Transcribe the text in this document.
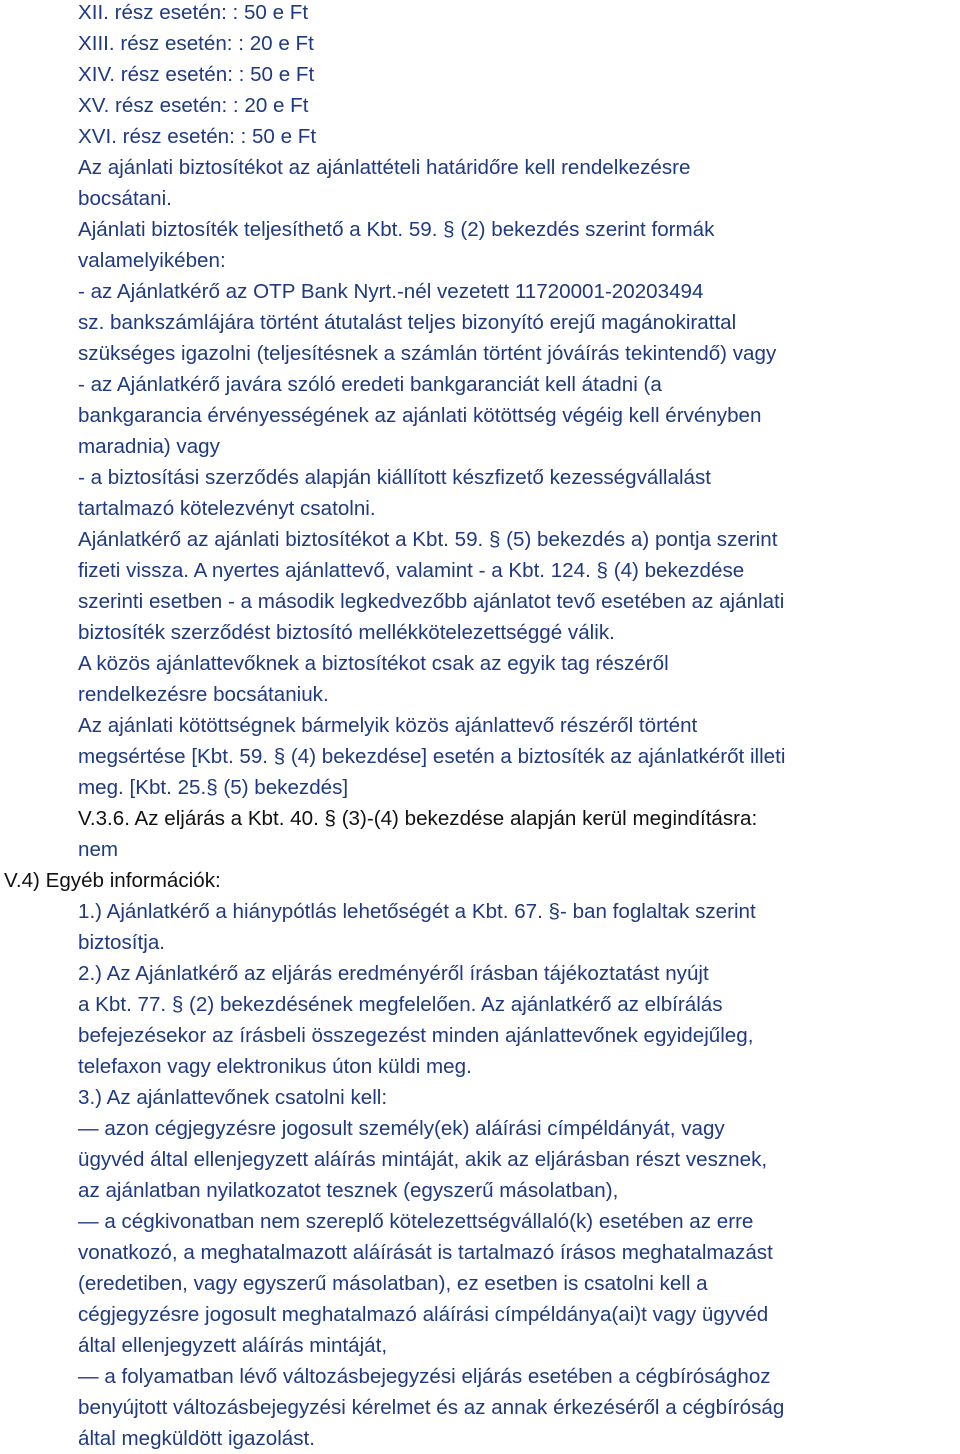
XII. rész esetén: : 50 e Ft
XIII. rész esetén: : 20 e Ft
XIV. rész esetén: : 50 e Ft
XV. rész esetén: : 20 e Ft
XVI. rész esetén: : 50 e Ft
Az ajánlati biztosítékot az ajánlattételi határidőre kell rendelkezésre
bocsátani.
Ajánlati biztosíték teljesíthető a Kbt. 59. § (2) bekezdés szerint formák
valamelyikében:
- az Ajánlatkérő az OTP Bank Nyrt.-nél vezetett 11720001-20203494
sz. bankszámlájára történt átutalást teljes bizonyító erejű magánokirattal
szükséges igazolni (teljesítésnek a számlán történt jóváírás tekintendő) vagy
- az Ajánlatkérő javára szóló eredeti bankgaranciát kell átadni (a
bankgarancia érvényességének az ajánlati kötöttség végéig kell érvényben
maradnia) vagy
- a biztosítási szerződés alapján kiállított készfizető kezességvállalást
tartalmazó kötelezvényt csatolni.
Ajánlatkérő az ajánlati biztosítékot a Kbt. 59. § (5) bekezdés a) pontja szerint
fizeti vissza. A nyertes ajánlattevő, valamint - a Kbt. 124. § (4) bekezdése
szerinti esetben - a második legkedvezőbb ajánlatot tevő esetében az ajánlati
biztosíték szerződést biztosító mellékkötelezettséggé válik.
A közös ajánlattevőknek a biztosítékot csak az egyik tag részéről
rendelkezésre bocsátaniuk.
Az ajánlati kötöttségnek bármelyik közös ajánlattevő részéről történt
megsértése [Kbt. 59. § (4) bekezdése] esetén a biztosíték az ajánlatkérőt illeti
meg. [Kbt. 25.§ (5) bekezdés]
V.3.6. Az eljárás a Kbt. 40. § (3)-(4) bekezdése alapján kerül megindításra:
nem
V.4) Egyéb információk:
1.) Ajánlatkérő a hiánypótlás lehetőségét a Kbt. 67. §- ban foglaltak szerint
biztosítja.
2.) Az Ajánlatkérő az eljárás eredményéről írásban tájékoztatást nyújt
a Kbt. 77. § (2) bekezdésének megfelelően. Az ajánlatkérő az elbírálás
befejezésekor az írásbeli összegezést minden ajánlattevőnek egyidejűleg,
telefaxon vagy elektronikus úton küldi meg.
3.) Az ajánlattevőnek csatolni kell:
— azon cégjegyzésre jogosult személy(ek) aláírási címpéldányát, vagy
ügyvéd által ellenjegyzett aláírás mintáját, akik az eljárásban részt vesznek,
az ajánlatban nyilatkozatot tesznek (egyszerű másolatban),
— a cégkivonatban nem szereplő kötelezettségvállaló(k) esetében az erre
vonatkozó, a meghatalmazott aláírását is tartalmazó írásos meghatalmazást
(eredetiben, vagy egyszerű másolatban), ez esetben is csatolni kell a
cégjegyzésre jogosult meghatalmazó aláírási címpéldánya(ai)t vagy ügyvéd
által ellenjegyzett aláírás mintáját,
— a folyamatban lévő változásbejegyzési eljárás esetében a cégbírósághoz
benyújtott változásbejegyzési kérelmet és az annak érkezéséről a cégbíróság
által megküldött igazolást.
